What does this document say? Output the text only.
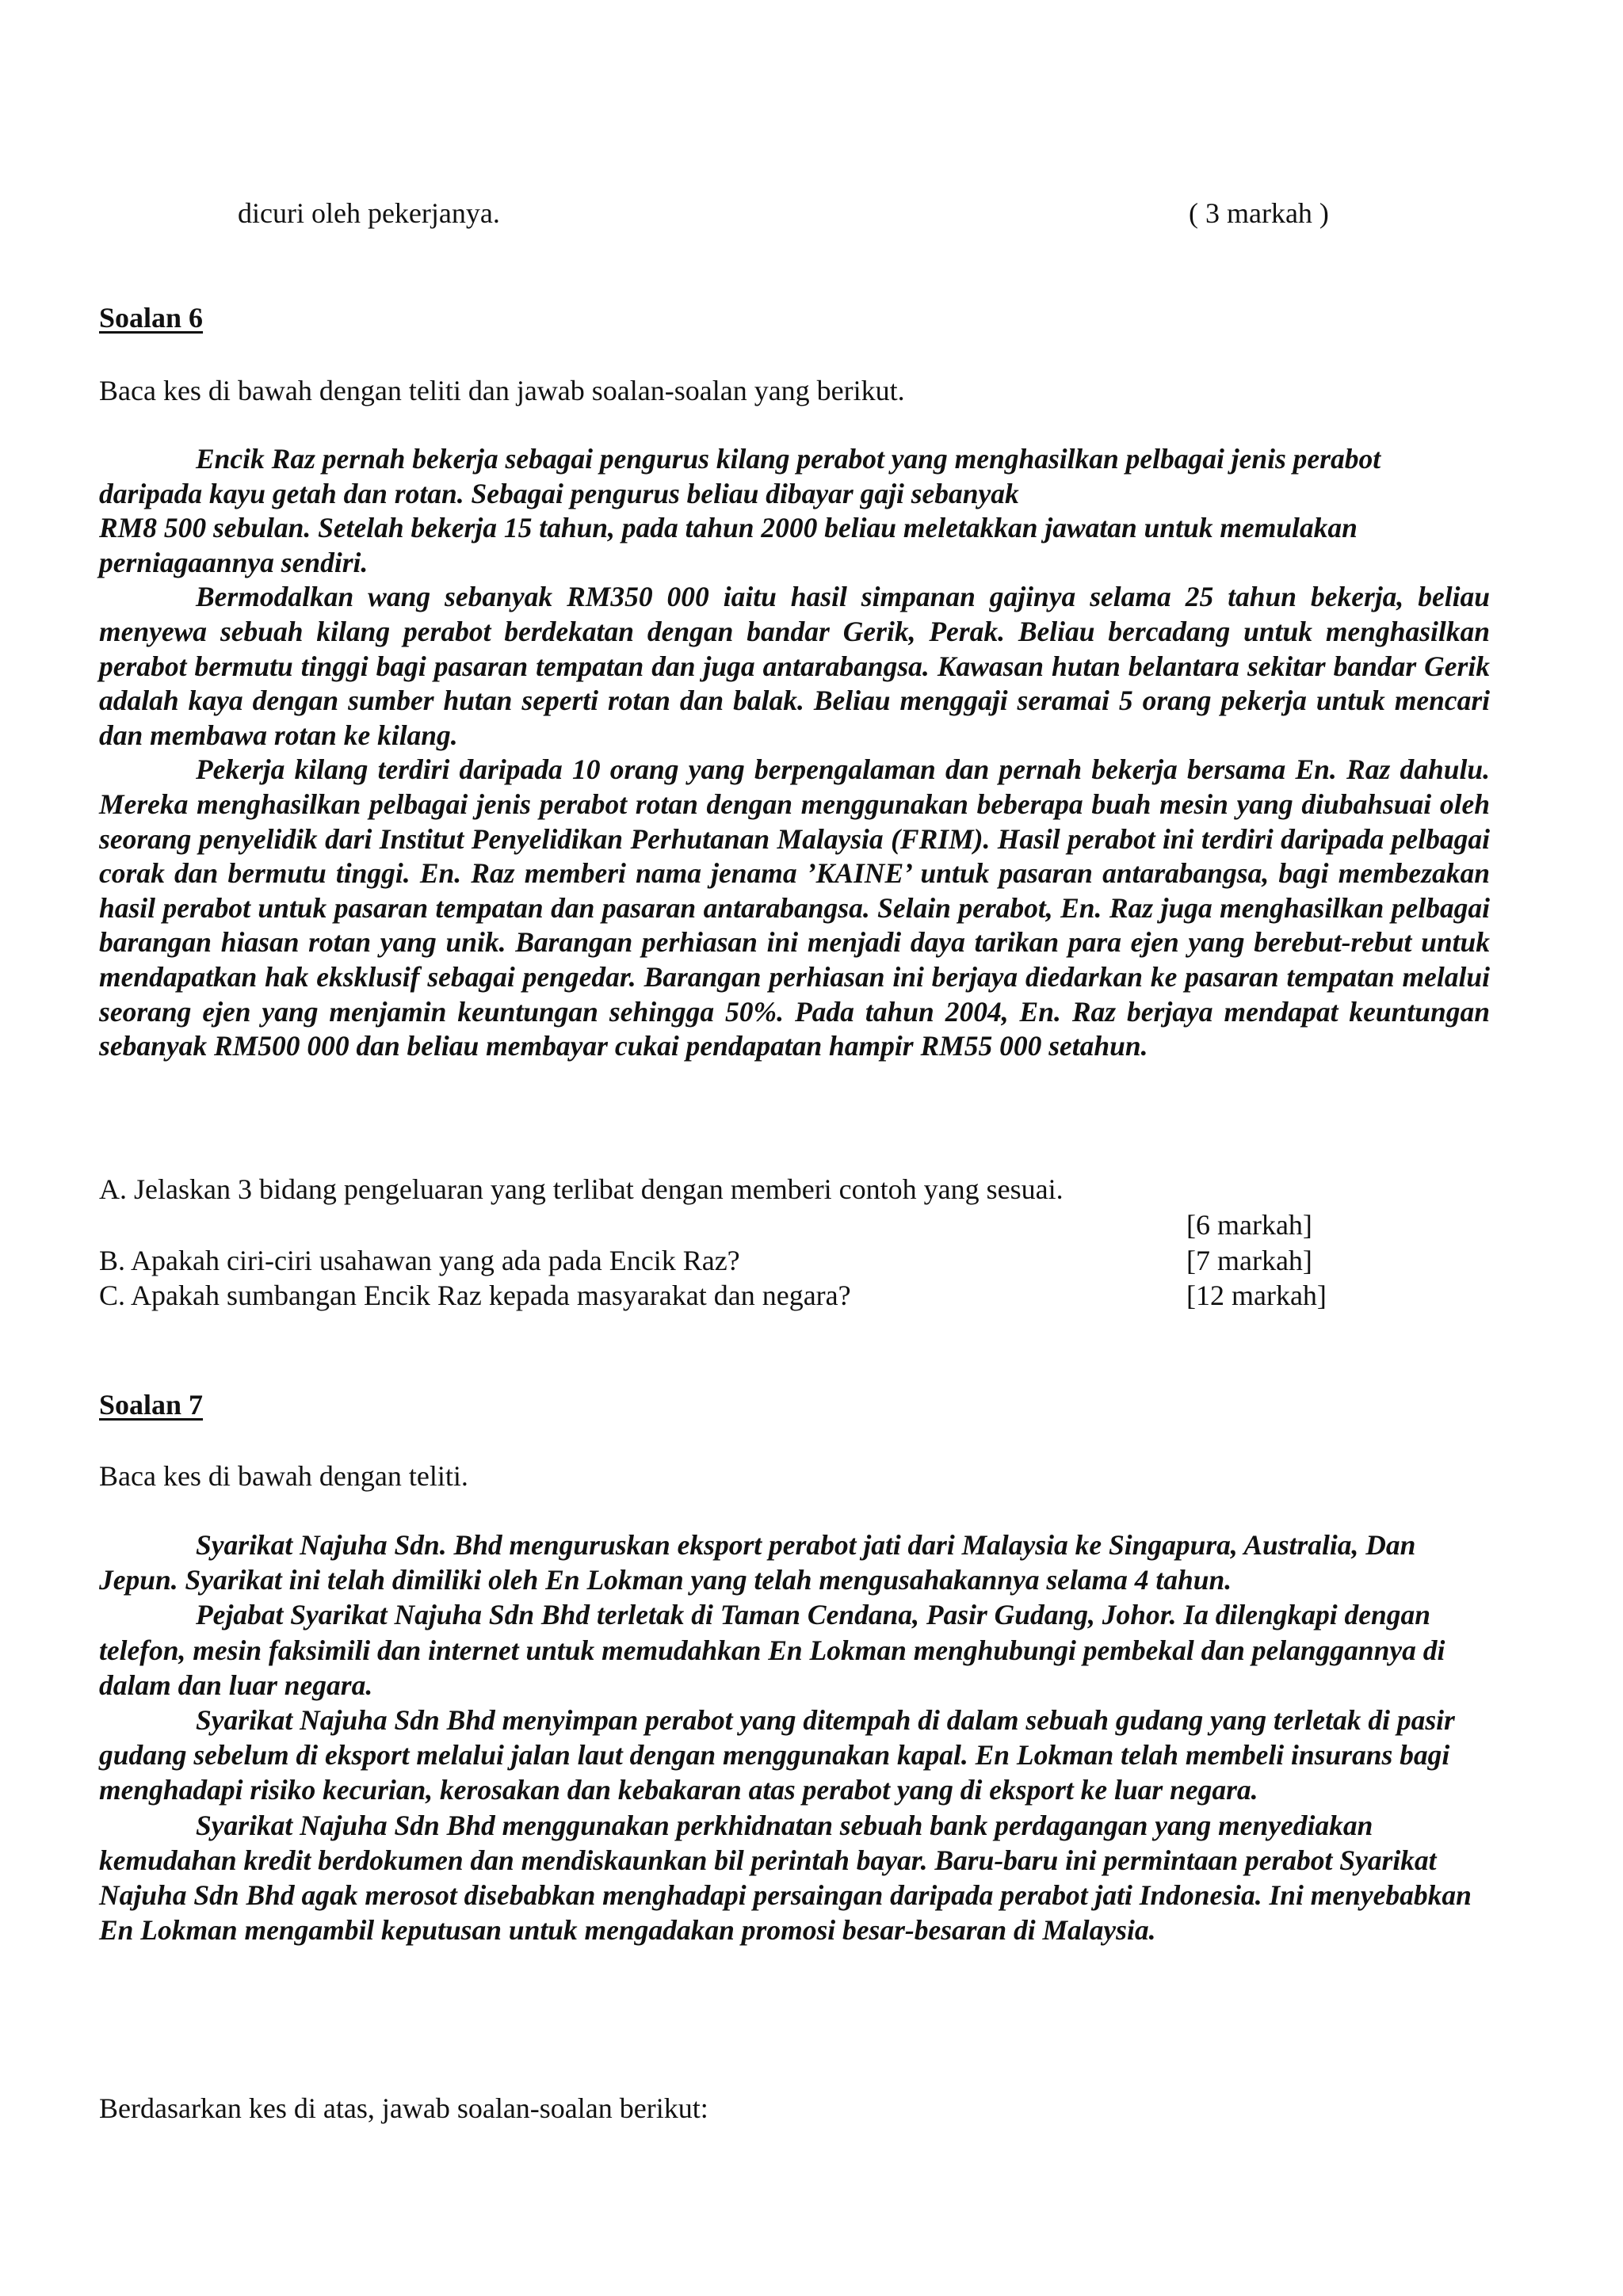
dicuri oleh pekerjanya.	( 3 markah )
Soalan 6
Baca kes di bawah dengan teliti dan jawab soalan-soalan yang berikut.

Encik Raz pernah bekerja sebagai pengurus kilang perabot yang menghasilkan pelbagai jenis perabot daripada kayu getah dan rotan. Sebagai pengurus beliau dibayar gaji sebanyak

RM8 500 sebulan. Setelah bekerja 15 tahun, pada tahun 2000 beliau meletakkan jawatan untuk memulakan perniagaannya sendiri.

Bermodalkan wang sebanyak RM350 000 iaitu hasil simpanan gajinya selama 25 tahun bekerja, beliau menyewa sebuah kilang perabot berdekatan dengan bandar Gerik, Perak. Beliau bercadang untuk menghasilkan perabot bermutu tinggi bagi pasaran tempatan dan juga antarabangsa. Kawasan hutan belantara sekitar bandar Gerik adalah kaya dengan sumber hutan seperti rotan dan balak. Beliau menggaji seramai 5 orang pekerja untuk mencari dan membawa rotan ke kilang.

Pekerja kilang terdiri daripada 10 orang yang berpengalaman dan pernah bekerja bersama En. Raz dahulu. Mereka menghasilkan pelbagai jenis perabot rotan dengan menggunakan beberapa buah mesin yang diubahsuai oleh seorang penyelidik dari Institut Penyelidikan Perhutanan Malaysia (FRIM). Hasil perabot ini terdiri daripada pelbagai corak dan bermutu tinggi. En. Raz memberi nama jenama ’KAINE’ untuk pasaran antarabangsa, bagi membezakan hasil perabot untuk pasaran tempatan dan pasaran antarabangsa. Selain perabot, En. Raz juga menghasilkan pelbagai barangan hiasan rotan yang unik. Barangan perhiasan ini menjadi daya tarikan para ejen yang berebut-rebut untuk mendapatkan hak eksklusif sebagai pengedar. Barangan perhiasan ini berjaya diedarkan ke pasaran tempatan melalui seorang ejen yang menjamin keuntungan sehingga 50%. Pada tahun 2004, En. Raz berjaya mendapat keuntungan sebanyak RM500 000 dan beliau membayar cukai pendapatan hampir RM55 000 setahun.

A. Jelaskan 3 bidang pengeluaran yang terlibat dengan memberi contoh yang sesuai.
[6 markah]
B. Apakah ciri-ciri usahawan yang ada pada Encik Raz?	[7 markah]
C. Apakah sumbangan Encik Raz kepada masyarakat dan negara?	[12 markah]
Soalan 7
Baca kes di bawah dengan teliti.

Syarikat Najuha Sdn. Bhd menguruskan eksport perabot jati dari Malaysia ke Singapura, Australia, Dan Jepun. Syarikat ini telah dimiliki oleh En Lokman yang telah mengusahakannya selama 4 tahun.

Pejabat Syarikat Najuha Sdn Bhd terletak di Taman Cendana, Pasir Gudang, Johor. Ia dilengkapi dengan telefon, mesin faksimili dan internet untuk memudahkan En Lokman menghubungi pembekal dan pelanggannya di dalam dan luar negara.

Syarikat Najuha Sdn Bhd menyimpan perabot yang ditempah di dalam sebuah gudang yang terletak di pasir gudang sebelum di eksport melalui jalan laut dengan menggunakan kapal. En Lokman telah membeli insurans bagi menghadapi risiko kecurian, kerosakan dan kebakaran atas perabot yang di eksport ke luar negara.

Syarikat Najuha Sdn Bhd menggunakan perkhidnatan sebuah bank perdagangan yang menyediakan kemudahan kredit berdokumen dan mendiskaunkan bil perintah bayar. Baru-baru ini permintaan perabot Syarikat Najuha Sdn Bhd agak merosot disebabkan menghadapi persaingan daripada perabot jati Indonesia. Ini menyebabkan En Lokman mengambil keputusan untuk mengadakan promosi besar-besaran di Malaysia.

Berdasarkan kes di atas, jawab soalan-soalan berikut:
